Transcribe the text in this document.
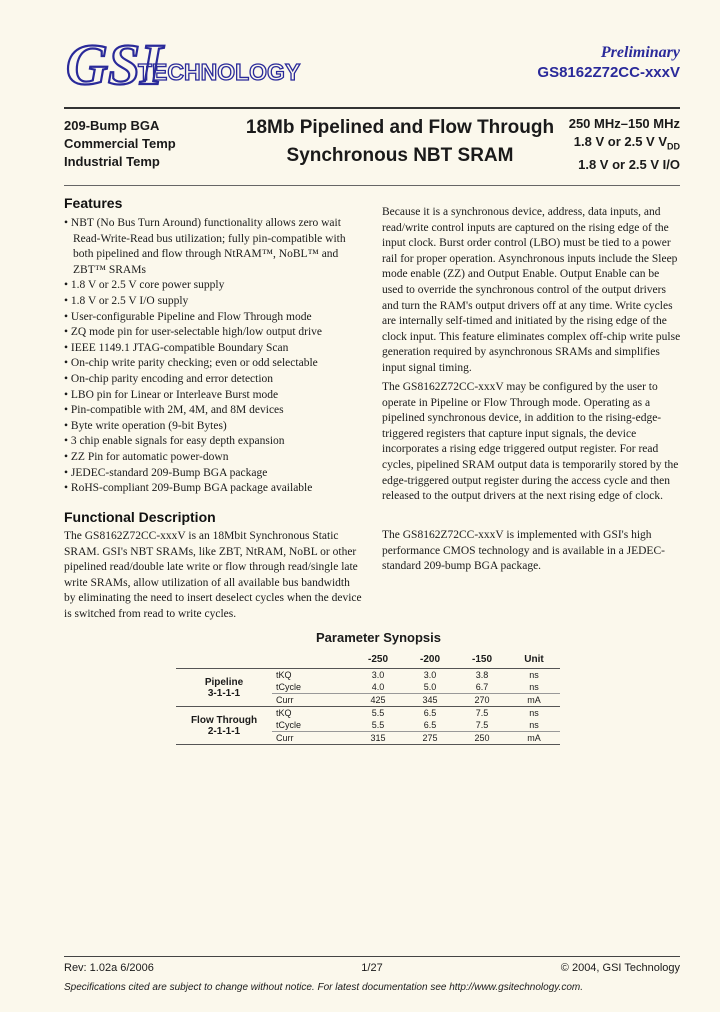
GSI
TECHNOLOGY
Preliminary
GS8162Z72CC-xxxV
209-Bump BGA
Commercial Temp
Industrial Temp
18Mb Pipelined and Flow Through
Synchronous NBT SRAM
250 MHz–150 MHz
1.8 V or 2.5 V $V_{DD}$
1.8 V or 2.5 V I/O
Features
• NBT (No Bus Turn Around) functionality allows zero wait Read-Write-Read bus utilization; fully pin-compatible with both pipelined and flow through NtRAM™, NoBL™ and ZBT™ SRAMs
• 1.8 V or 2.5 V core power supply
• 1.8 V or 2.5 V I/O supply
• User-configurable Pipeline and Flow Through mode
• ZQ mode pin for user-selectable high/low output drive
• IEEE 1149.1 JTAG-compatible Boundary Scan
• On-chip write parity checking; even or odd selectable
• On-chip parity encoding and error detection
• LBO pin for Linear or Interleave Burst mode
• Pin-compatible with 2M, 4M, and 8M devices
• Byte write operation (9-bit Bytes)
• 3 chip enable signals for easy depth expansion
• ZZ Pin for automatic power-down
• JEDEC-standard 209-Bump BGA package
• RoHS-compliant 209-Bump BGA package available
Functional Description
The GS8162Z72CC-xxxV is an 18Mbit Synchronous Static SRAM. GSI's NBT SRAMs, like ZBT, NtRAM, NoBL or other pipelined read/double late write or flow through read/single late write SRAMs, allow utilization of all available bus bandwidth by eliminating the need to insert deselect cycles when the device is switched from read to write cycles.
Because it is a synchronous device, address, data inputs, and read/write control inputs are captured on the rising edge of the input clock. Burst order control (LBO) must be tied to a power rail for proper operation. Asynchronous inputs include the Sleep mode enable (ZZ) and Output Enable. Output Enable can be used to override the synchronous control of the output drivers and turn the RAM's output drivers off at any time. Write cycles are internally self-timed and initiated by the rising edge of the clock input. This feature eliminates complex off-chip write pulse generation required by asynchronous SRAMs and simplifies input signal timing.
The GS8162Z72CC-xxxV may be configured by the user to operate in Pipeline or Flow Through mode. Operating as a pipelined synchronous device, in addition to the rising-edge-triggered registers that capture input signals, the device incorporates a rising edge triggered output register. For read cycles, pipelined SRAM output data is temporarily stored by the edge-triggered output register during the access cycle and then released to the output drivers at the next rising edge of clock.
The GS8162Z72CC-xxxV is implemented with GSI's high performance CMOS technology and is available in a JEDEC-standard 209-bump BGA package.
Parameter Synopsis
		-250	-200	-150	Unit

Pipeline
3-1-1-1	tKQ	3.0	3.0	3.8	ns
	tCycle	4.0	5.0	6.7	ns
	Curr	425	345	270	mA

Flow Through
2-1-1-1	tKQ	5.5	6.5	7.5	ns
	tCycle	5.5	6.5	7.5	ns
	Curr	315	275	250	mA
Rev: 1.02a 6/2006	1/27	© 2004, GSI Technology
Specifications cited are subject to change without notice. For latest documentation see http://www.gsitechnology.com.
